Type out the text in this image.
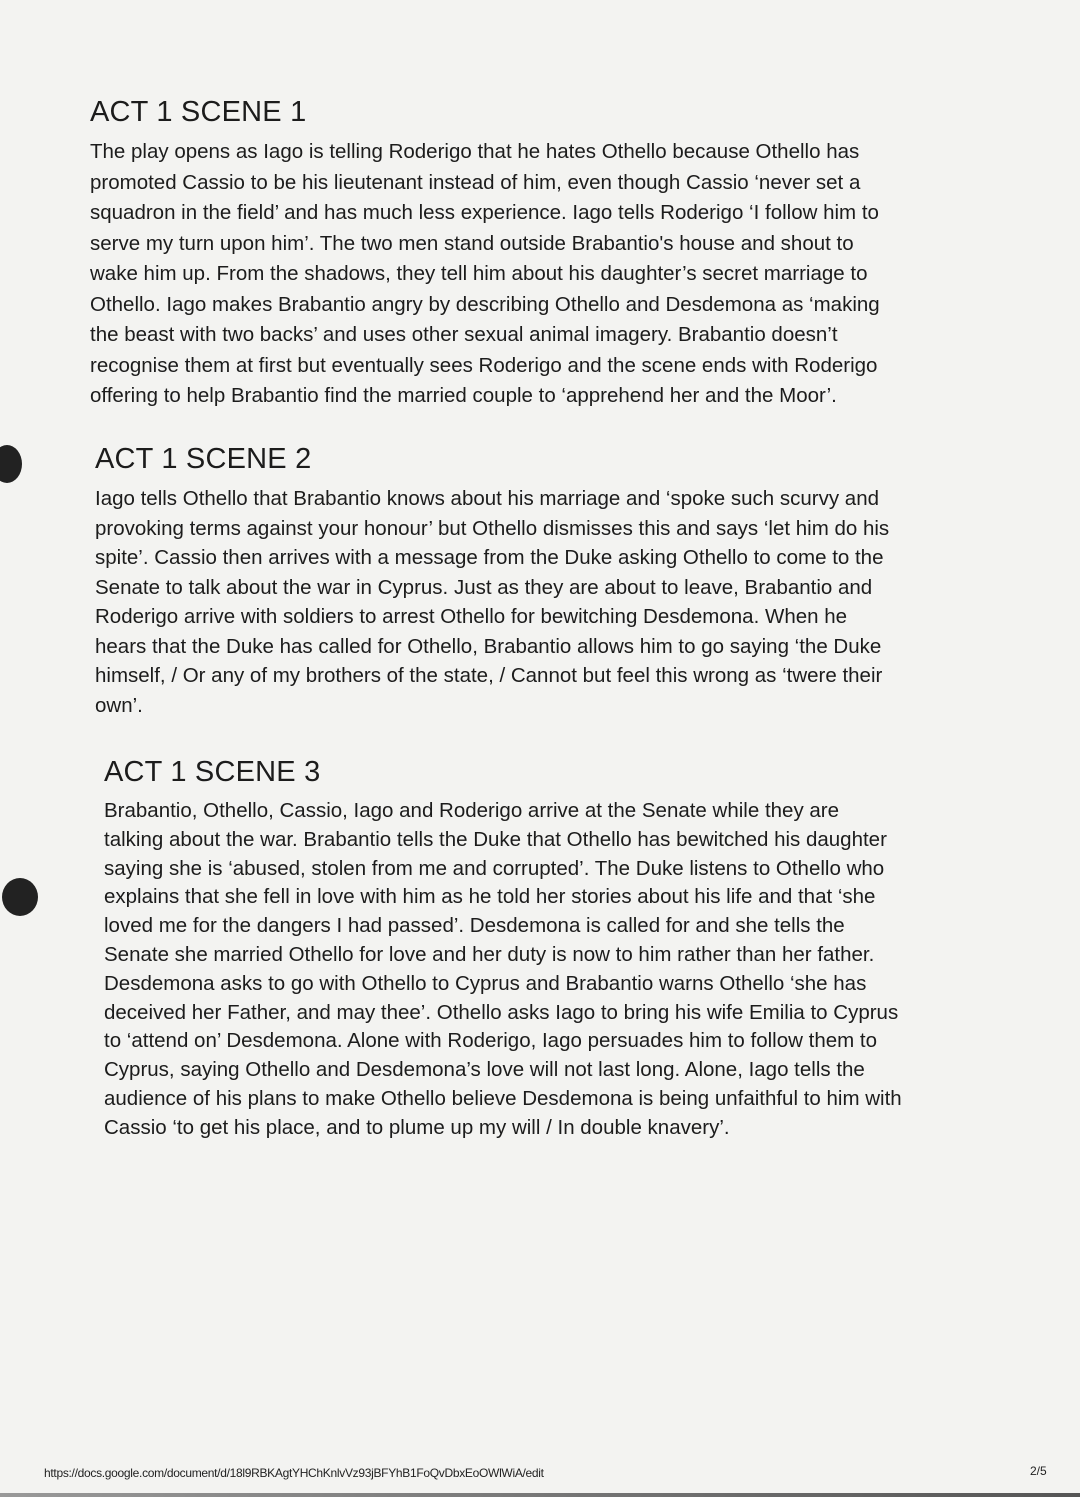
ACT 1 SCENE 1
The play opens as Iago is telling Roderigo that he hates Othello because Othello has
promoted Cassio to be his lieutenant instead of him, even though Cassio ‘never set a
squadron in the field’ and has much less experience. Iago tells Roderigo ‘I follow him to
serve my turn upon him’. The two men stand outside Brabantio's house and shout to
wake him up. From the shadows, they tell him about his daughter’s secret marriage to
Othello. Iago makes Brabantio angry by describing Othello and Desdemona as ‘making
the beast with two backs’ and uses other sexual animal imagery. Brabantio doesn’t
recognise them at first but eventually sees Roderigo and the scene ends with Roderigo
offering to help Brabantio find the married couple to ‘apprehend her and the Moor’.
ACT 1 SCENE 2
Iago tells Othello that Brabantio knows about his marriage and ‘spoke such scurvy and
provoking terms against your honour’ but Othello dismisses this and says ‘let him do his
spite’. Cassio then arrives with a message from the Duke asking Othello to come to the
Senate to talk about the war in Cyprus. Just as they are about to leave, Brabantio and
Roderigo arrive with soldiers to arrest Othello for bewitching Desdemona. When he
hears that the Duke has called for Othello, Brabantio allows him to go saying ‘the Duke
himself, / Or any of my brothers of the state, / Cannot but feel this wrong as ‘twere their
own’.
ACT 1 SCENE 3
Brabantio, Othello, Cassio, Iago and Roderigo arrive at the Senate while they are
talking about the war. Brabantio tells the Duke that Othello has bewitched his daughter
saying she is ‘abused, stolen from me and corrupted’. The Duke listens to Othello who
explains that she fell in love with him as he told her stories about his life and that ‘she
loved me for the dangers I had passed’. Desdemona is called for and she tells the
Senate she married Othello for love and her duty is now to him rather than her father.
Desdemona asks to go with Othello to Cyprus and Brabantio warns Othello ‘she has
deceived her Father, and may thee’. Othello asks Iago to bring his wife Emilia to Cyprus
to ‘attend on’ Desdemona. Alone with Roderigo, Iago persuades him to follow them to
Cyprus, saying Othello and Desdemona’s love will not last long. Alone, Iago tells the
audience of his plans to make Othello believe Desdemona is being unfaithful to him with
Cassio ‘to get his place, and to plume up my will / In double knavery’.
https://docs.google.com/document/d/18l9RBKAgtYHChKnlvVz93jBFYhB1FoQvDbxEoOWlWiA/edit	2/5
